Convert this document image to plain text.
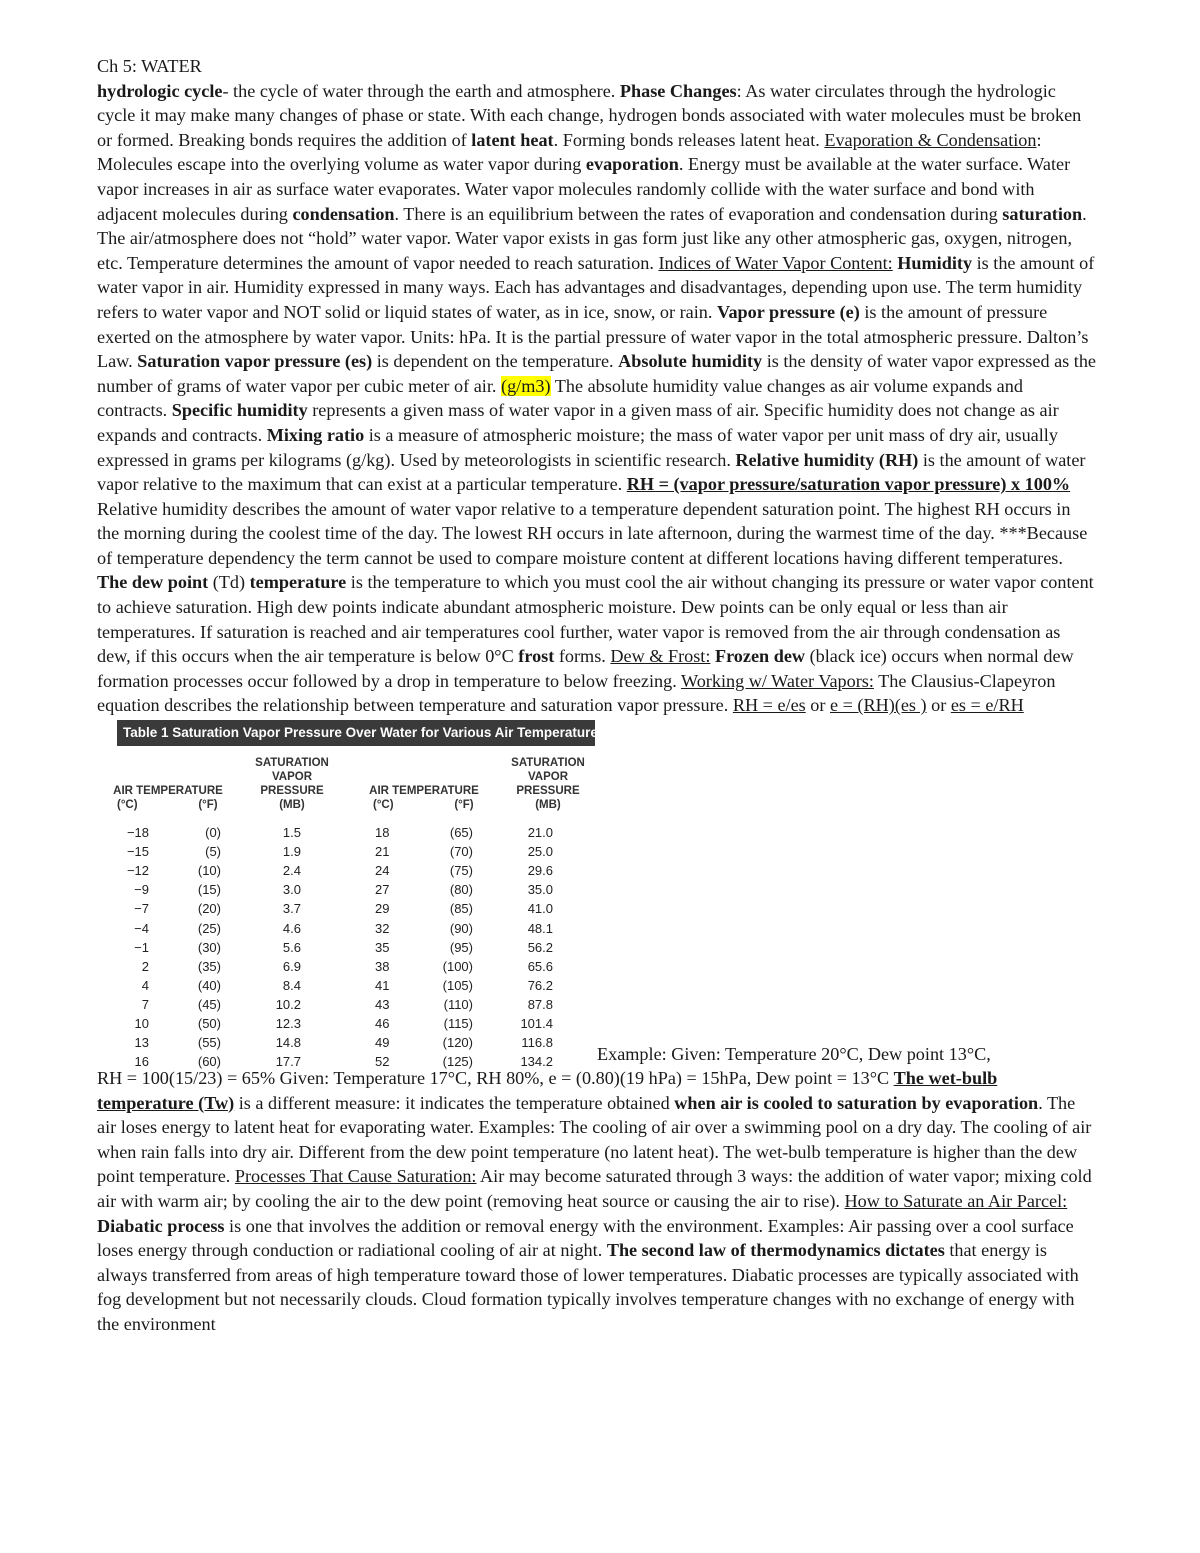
Ch 5: WATER
hydrologic cycle- the cycle of water through the earth and atmosphere. Phase Changes: As water circulates through the hydrologic cycle it may make many changes of phase or state. With each change, hydrogen bonds associated with water molecules must be broken or formed. Breaking bonds requires the addition of latent heat. Forming bonds releases latent heat. Evaporation & Condensation: Molecules escape into the overlying volume as water vapor during evaporation. Energy must be available at the water surface. Water vapor increases in air as surface water evaporates. Water vapor molecules randomly collide with the water surface and bond with adjacent molecules during condensation. There is an equilibrium between the rates of evaporation and condensation during saturation. The air/atmosphere does not “hold” water vapor. Water vapor exists in gas form just like any other atmospheric gas, oxygen, nitrogen, etc. Temperature determines the amount of vapor needed to reach saturation. Indices of Water Vapor Content: Humidity is the amount of water vapor in air. Humidity expressed in many ways. Each has advantages and disadvantages, depending upon use. The term humidity refers to water vapor and NOT solid or liquid states of water, as in ice, snow, or rain. Vapor pressure (e) is the amount of pressure exerted on the atmosphere by water vapor. Units: hPa. It is the partial pressure of water vapor in the total atmospheric pressure. Dalton’s Law. Saturation vapor pressure (es) is dependent on the temperature. Absolute humidity is the density of water vapor expressed as the number of grams of water vapor per cubic meter of air. (g/m3) The absolute humidity value changes as air volume expands and contracts. Specific humidity represents a given mass of water vapor in a given mass of air. Specific humidity does not change as air expands and contracts. Mixing ratio is a measure of atmospheric moisture; the mass of water vapor per unit mass of dry air, usually expressed in grams per kilograms (g/kg). Used by meteorologists in scientific research. Relative humidity (RH) is the amount of water vapor relative to the maximum that can exist at a particular temperature. RH = (vapor pressure/saturation vapor pressure) x 100% Relative humidity describes the amount of water vapor relative to a temperature dependent saturation point. The highest RH occurs in the morning during the coolest time of the day. The lowest RH occurs in late afternoon, during the warmest time of the day. ***Because of temperature dependency the term cannot be used to compare moisture content at different locations having different temperatures. The dew point (Td) temperature is the temperature to which you must cool the air without changing its pressure or water vapor content to achieve saturation. High dew points indicate abundant atmospheric moisture. Dew points can be only equal or less than air temperatures. If saturation is reached and air temperatures cool further, water vapor is removed from the air through condensation as dew, if this occurs when the air temperature is below 0°C frost forms. Dew & Frost: Frozen dew (black ice) occurs when normal dew formation processes occur followed by a drop in temperature to below freezing. Working w/ Water Vapors: The Clausius-Clapeyron equation describes the relationship between temperature and saturation vapor pressure. RH = e/es or e = (RH)(es ) or es = e/RH
Table 1 Saturation Vapor Pressure Over Water for Various Air Temperatures
AIR TEMPERATURE
(°C)	(°F)
SATURATION VAPOR PRESSURE (MB)
AIR TEMPERATURE
(°C)	(°F)
SATURATION VAPOR PRESSURE (MB)
−18
−15
−12
−9
−7
−4
−1
2
4
7
10
13
16
(0)
(5)
(10)
(15)
(20)
(25)
(30)
(35)
(40)
(45)
(50)
(55)
(60)
1.5
1.9
2.4
3.0
3.7
4.6
5.6
6.9
8.4
10.2
12.3
14.8
17.7
18
21
24
27
29
32
35
38
41
43
46
49
52
(65)
(70)
(75)
(80)
(85)
(90)
(95)
(100)
(105)
(110)
(115)
(120)
(125)
21.0
25.0
29.6
35.0
41.0
48.1
56.2
65.6
76.2
87.8
101.4
116.8
134.2 Example: Given: Temperature 20°C, Dew point 13°C,
RH = 100(15/23) = 65% Given: Temperature 17°C, RH 80%, e = (0.80)(19 hPa) = 15hPa, Dew point = 13°C The wet-bulb temperature (Tw) is a different measure: it indicates the temperature obtained when air is cooled to saturation by evaporation. The air loses energy to latent heat for evaporating water. Examples: The cooling of air over a swimming pool on a dry day. The cooling of air when rain falls into dry air. Different from the dew point temperature (no latent heat). The wet-bulb temperature is higher than the dew point temperature. Processes That Cause Saturation: Air may become saturated through 3 ways: the addition of water vapor; mixing cold air with warm air; by cooling the air to the dew point (removing heat source or causing the air to rise). How to Saturate an Air Parcel: Diabatic process is one that involves the addition or removal energy with the environment. Examples: Air passing over a cool surface loses energy through conduction or radiational cooling of air at night. The second law of thermodynamics dictates that energy is always transferred from areas of high temperature toward those of lower temperatures. Diabatic processes are typically associated with fog development but not necessarily clouds. Cloud formation typically involves temperature changes with no exchange of energy with the environment
